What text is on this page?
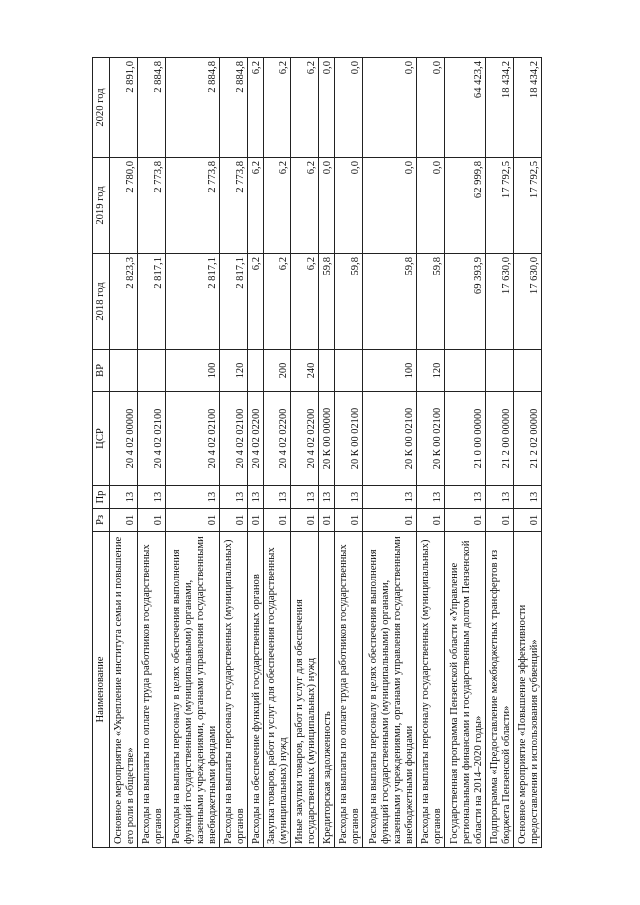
Наименование	Рз	Пр	ЦСР	ВР	2018 год	2019 год	2020 год
Основное мероприятие «Укрепление института семьи и повышение его роли в обществе»	01	13	20 4 02 00000		2 823,3	2 780,0	2 891,0
Расходы на выплаты по оплате труда работников государственных органов	01	13	20 4 02 02100		2 817,1	2 773,8	2 884,8
Расходы на выплаты персоналу в целях обеспечения выполнения функций государственными (муниципальными) органами, казенными учреждениями, органами управления государственными внебюджетными фондами	01	13	20 4 02 02100	100	2 817,1	2 773,8	2 884,8
Расходы на выплаты персоналу государственных (муниципальных) органов	01	13	20 4 02 02100	120	2 817,1	2 773,8	2 884,8
Расходы на обеспечение функций государственных органов	01	13	20 4 02 02200		6,2	6,2	6,2
Закупка товаров, работ и услуг для обеспечения государственных (муниципальных) нужд	01	13	20 4 02 02200	200	6,2	6,2	6,2
Иные закупки товаров, работ и услуг для обеспечения государственных (муниципальных) нужд	01	13	20 4 02 02200	240	6,2	6,2	6,2
Кредиторская задолженность	01	13	20 К 00 00000		59,8	0,0	0,0
Расходы на выплаты по оплате труда работников государственных органов	01	13	20 К 00 02100		59,8	0,0	0,0
Расходы на выплаты персоналу в целях обеспечения выполнения функций государственными (муниципальными) органами, казенными учреждениями, органами управления государственными внебюджетными фондами	01	13	20 К 00 02100	100	59,8	0,0	0,0
Расходы на выплаты персоналу государственных (муниципальных) органов	01	13	20 К 00 02100	120	59,8	0,0	0,0
Государственная программа Пензенской области «Управление региональными финансами и государственным долгом Пензенской области на 2014–2020 годы»	01	13	21 0 00 00000		69 393,9	62 999,8	64 423,4
Подпрограмма «Предоставление межбюджетных трансфертов из бюджета Пензенской области»	01	13	21 2 00 00000		17 630,0	17 792,5	18 434,2
Основное мероприятие «Повышение эффективности предоставления и использования субвенций»	01	13	21 2 02 00000		17 630,0	17 792,5	18 434,2
